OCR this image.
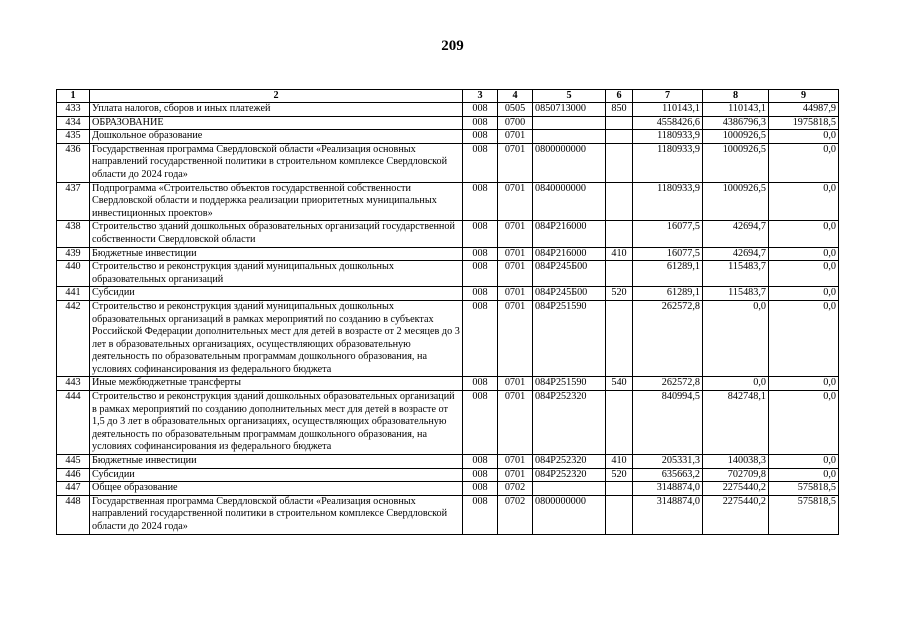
209
1	2	3	4	5	6	7	8	9
433	Уплата налогов, сборов и иных платежей	008	0505	0850713000	850	110143,1	110143,1	44987,9
434	ОБРАЗОВАНИЕ	008	0700			4558426,6	4386796,3	1975818,5
435	Дошкольное образование	008	0701			1180933,9	1000926,5	0,0
436	Государственная программа Свердловской области «Реализация основных направлений государственной политики в строительном комплексе Свердловской области до 2024 года»	008	0701	0800000000		1180933,9	1000926,5	0,0
437	Подпрограмма «Строительство объектов государственной собственности Свердловской области и поддержка реализации приоритетных муниципальных инвестиционных проектов»	008	0701	0840000000		1180933,9	1000926,5	0,0
438	Строительство зданий дошкольных образовательных организаций государственной собственности Свердловской области	008	0701	084P216000		16077,5	42694,7	0,0
439	Бюджетные инвестиции	008	0701	084P216000	410	16077,5	42694,7	0,0
440	Строительство и реконструкция зданий муниципальных дошкольных образовательных организаций	008	0701	084P245Б00		61289,1	115483,7	0,0
441	Субсидии	008	0701	084P245Б00	520	61289,1	115483,7	0,0
442	Строительство и реконструкция зданий муниципальных дошкольных образовательных организаций в рамках мероприятий по созданию в субъектах Российской Федерации дополнительных мест для детей в возрасте от 2 месяцев до 3 лет в образовательных организациях, осуществляющих образовательную деятельность по образовательным программам дошкольного образования, на условиях софинансирования из федерального бюджета	008	0701	084P251590		262572,8	0,0	0,0
443	Иные межбюджетные трансферты	008	0701	084P251590	540	262572,8	0,0	0,0
444	Строительство и реконструкция зданий дошкольных образовательных организаций в рамках мероприятий по созданию дополнительных мест для детей в возрасте от 1,5 до 3 лет в образовательных организациях, осуществляющих образовательную деятельность по образовательным программам дошкольного образования, на условиях софинансирования из федерального бюджета	008	0701	084P252320		840994,5	842748,1	0,0
445	Бюджетные инвестиции	008	0701	084P252320	410	205331,3	140038,3	0,0
446	Субсидии	008	0701	084P252320	520	635663,2	702709,8	0,0
447	Общее образование	008	0702			3148874,0	2275440,2	575818,5
448	Государственная программа Свердловской области «Реализация основных направлений государственной политики в строительном комплексе Свердловской области до 2024 года»	008	0702	0800000000		3148874,0	2275440,2	575818,5
